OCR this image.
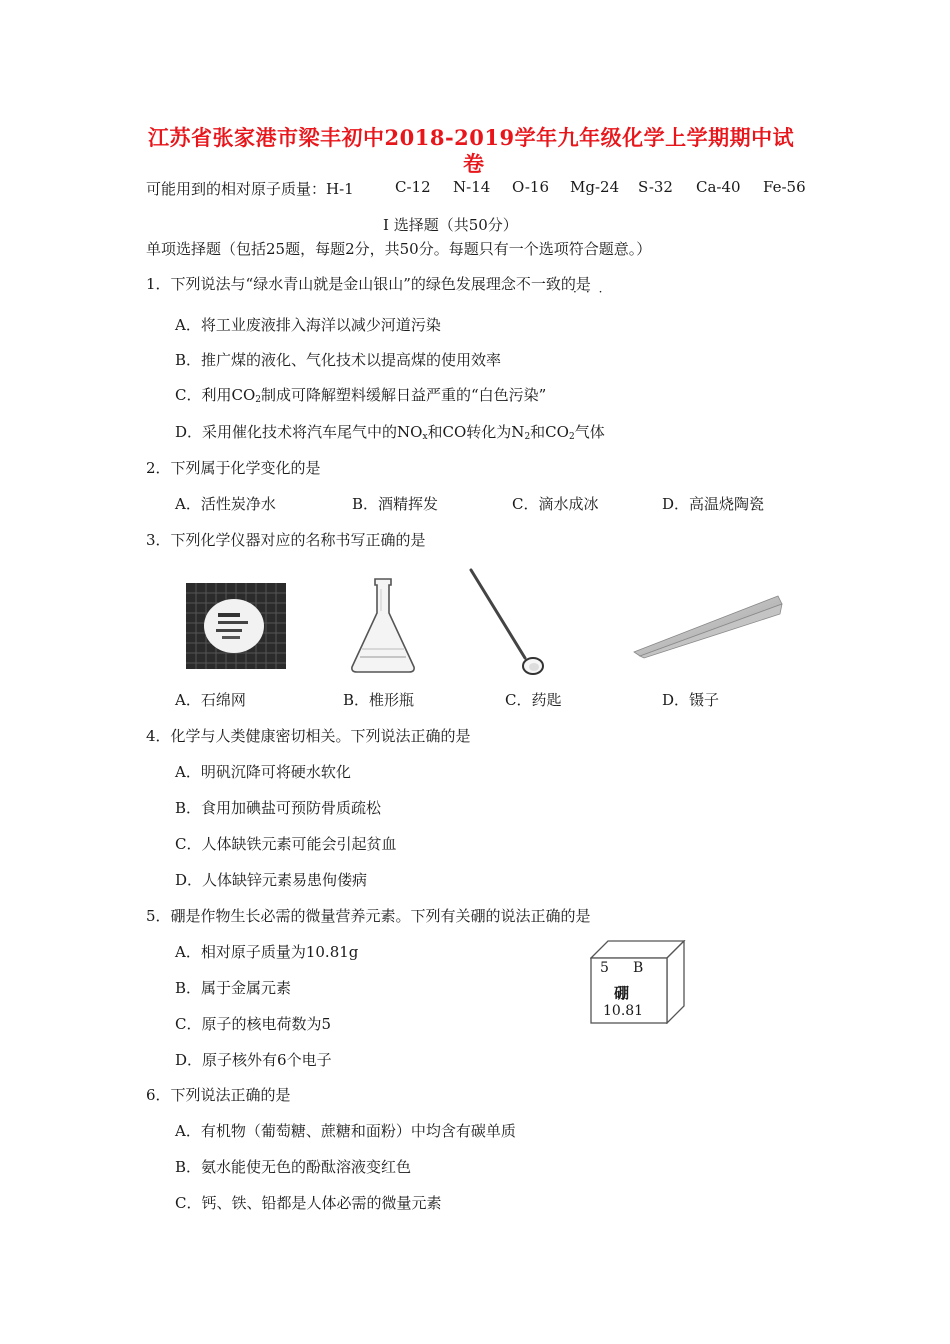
江苏省张家港市梁丰初中2018-2019学年九年级化学上学期期中试
卷
可能用到的相对原子质量：H-1	C-12 N-14 O-16 Mg-24 S-32 Ca-40 Fe-56
Ⅰ 选择题（共50分）
单项选择题（包括25题，每题2分，共50分。每题只有一个选项符合题意。）
1．下列说法与“绿水青山就是金山银山”的绿色发展理念不一致的是
···
A．将工业废液排入海洋以减少河道污染
B．推广煤的液化、气化技术以提高煤的使用效率
C．利用$CO_2$制成可降解塑料缓解日益严重的“白色污染”
D．采用催化技术将汽车尾气中的$NO_x$和CO转化为$N_2$和$CO_2$气体
2．下列属于化学变化的是
A．活性炭净水	B．酒精挥发	C．滴水成冰	D．高温烧陶瓷
3．下列化学仪器对应的名称书写正确的是
A．石绵网	B．椎形瓶	C．药匙	D．镊子
4．化学与人类健康密切相关。下列说法正确的是
A．明矾沉降可将硬水软化
B．食用加碘盐可预防骨质疏松
C．人体缺铁元素可能会引起贫血
D．人体缺锌元素易患佝偻病
5．硼是作物生长必需的微量营养元素。下列有关硼的说法正确的是
A．相对原子质量为10.81g
B．属于金属元素
C．原子的核电荷数为5
D．原子核外有6个电子
5 B
硼
10.81
6．下列说法正确的是
A．有机物（葡萄糖、蔗糖和面粉）中均含有碳单质
B．氨水能使无色的酚酞溶液变红色
C．钙、铁、铅都是人体必需的微量元素
